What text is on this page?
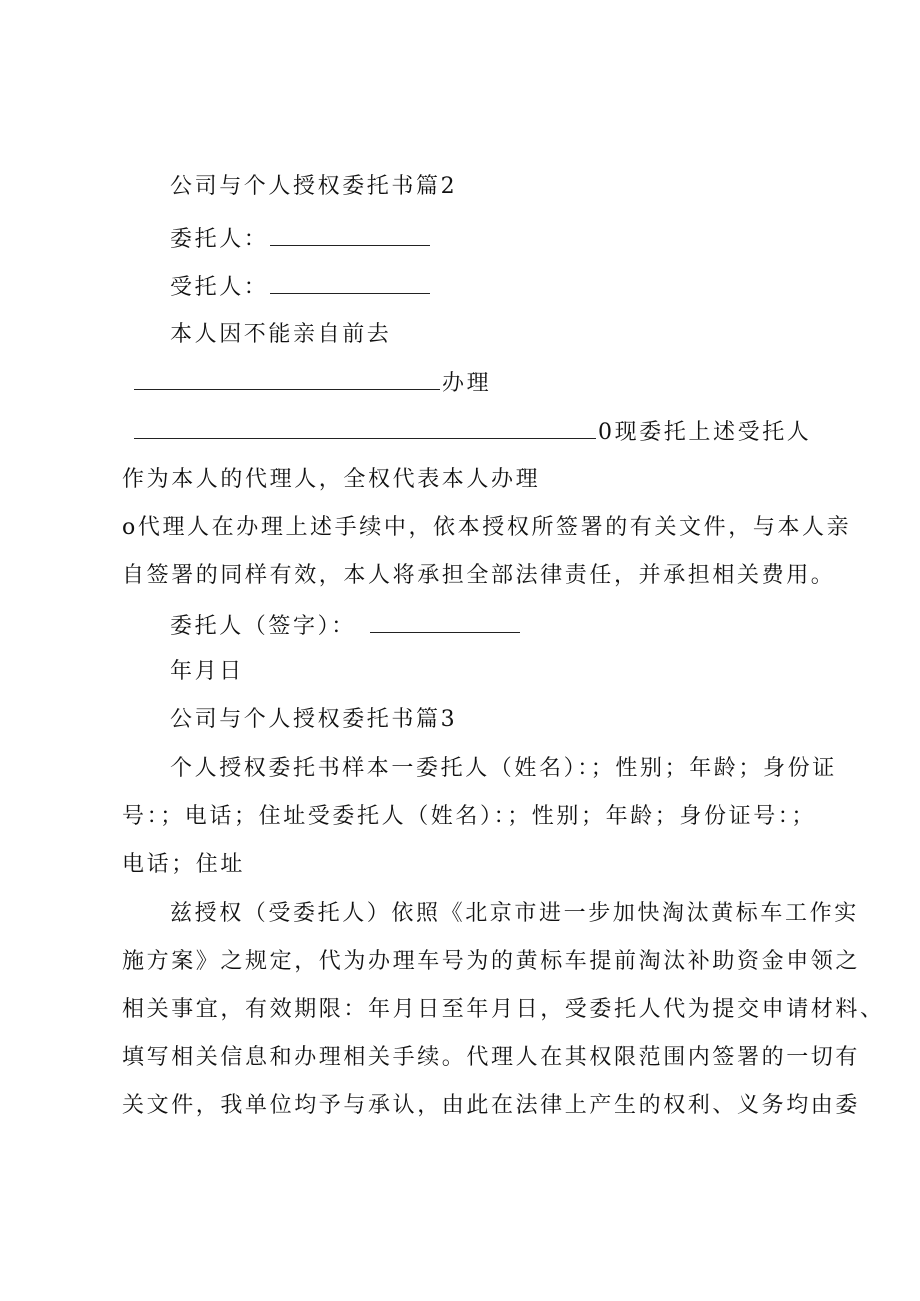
公司与个人授权委托书篇2
委托人：
受托人：
本人因不能亲自前去
办理
0现委托上述受托人
作为本人的代理人，全权代表本人办理
o代理人在办理上述手续中，依本授权所签署的有关文件，与本人亲
自签署的同样有效，本人将承担全部法律责任，并承担相关费用。
委托人（签字）：
年月日
公司与个人授权委托书篇3
个人授权委托书样本一委托人（姓名）：；性别；年龄；身份证
号：；电话；住址受委托人（姓名）：；性别；年龄；身份证号：；
电话；住址
兹授权（受委托人）依照《北京市进一步加快淘汰黄标车工作实
施方案》之规定，代为办理车号为的黄标车提前淘汰补助资金申领之
相关事宜，有效期限：年月日至年月日，受委托人代为提交申请材料、
填写相关信息和办理相关手续。代理人在其权限范围内签署的一切有
关文件，我单位均予与承认，由此在法律上产生的权利、义务均由委
